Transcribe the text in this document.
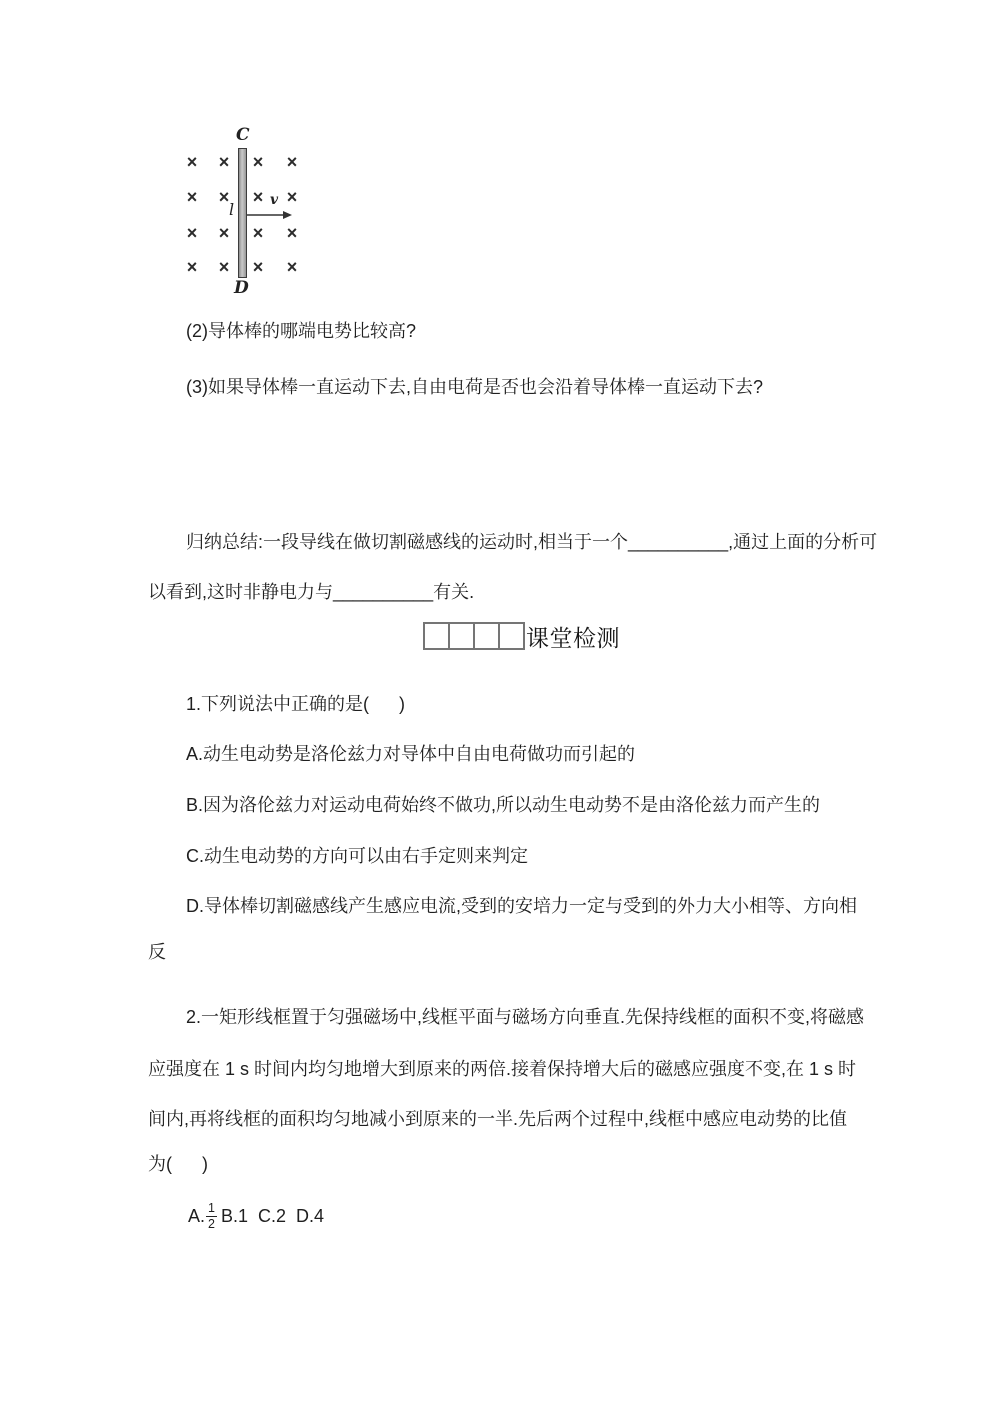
C
D
× × × ×
× × × ×
× × × ×
× × × ×
l	v
(2)导体棒的哪端电势比较高?
(3)如果导体棒一直运动下去,自由电荷是否也会沿着导体棒一直运动下去?
归纳总结:一段导线在做切割磁感线的运动时,相当于一个__________,通过上面的分析可
以看到,这时非静电力与__________有关.
课堂检测
1.下列说法中正确的是(      )
A.动生电动势是洛伦兹力对导体中自由电荷做功而引起的
B.因为洛伦兹力对运动电荷始终不做功,所以动生电动势不是由洛伦兹力而产生的
C.动生电动势的方向可以由右手定则来判定
D.导体棒切割磁感线产生感应电流,受到的安培力一定与受到的外力大小相等、方向相
反
2.一矩形线框置于匀强磁场中,线框平面与磁场方向垂直.先保持线框的面积不变,将磁感
应强度在 1 s 时间内均匀地增大到原来的两倍.接着保持增大后的磁感应强度不变,在 1 s 时
间内,再将线框的面积均匀地减小到原来的一半.先后两个过程中,线框中感应电动势的比值
为(      )
A. $\frac{1}{2} B.1$  C.2  D.4
